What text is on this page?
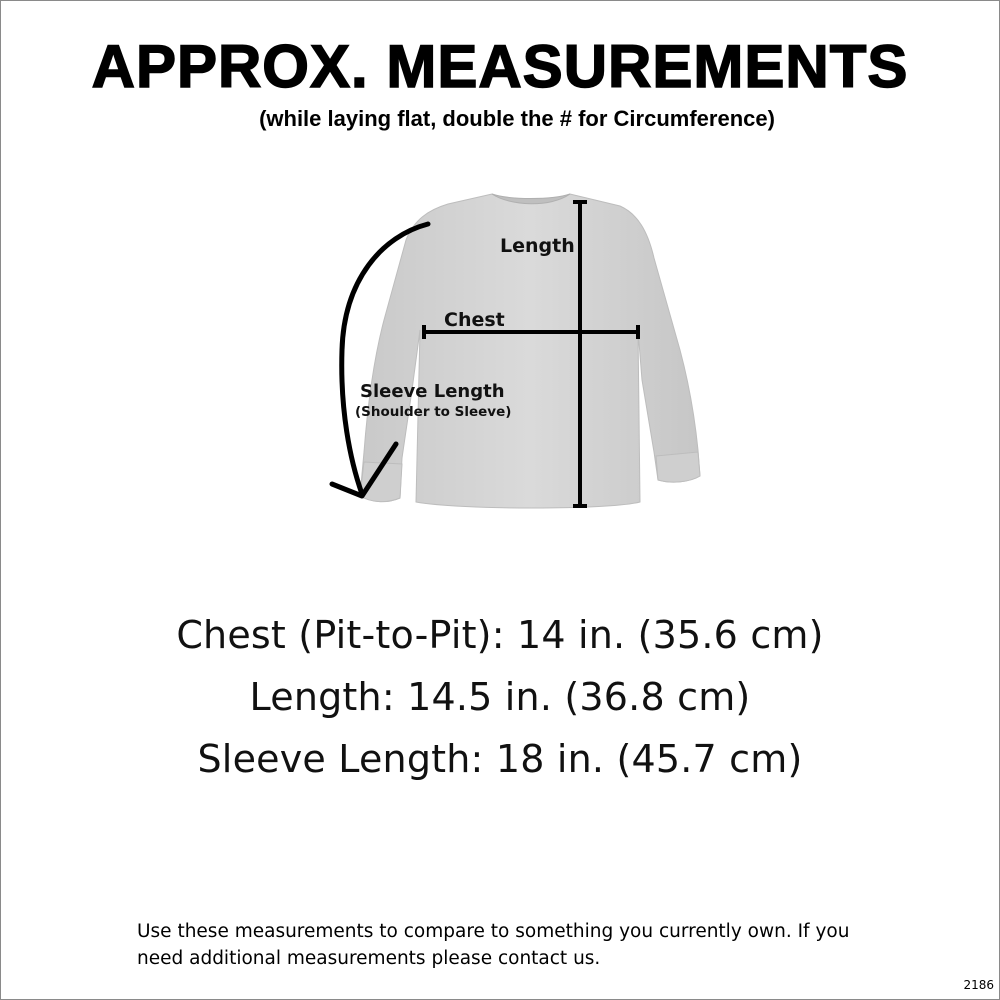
APPROX. MEASUREMENTS
(while laying flat, double the # for Circumference)
Length
Chest
Sleeve Length
(Shoulder to Sleeve)
Chest (Pit-to-Pit): 14 in. (35.6 cm)
Length: 14.5 in. (36.8 cm)
Sleeve Length: 18 in. (45.7 cm)
Use these measurements to compare to something you currently own. If you need additional measurements please contact us.
2186
